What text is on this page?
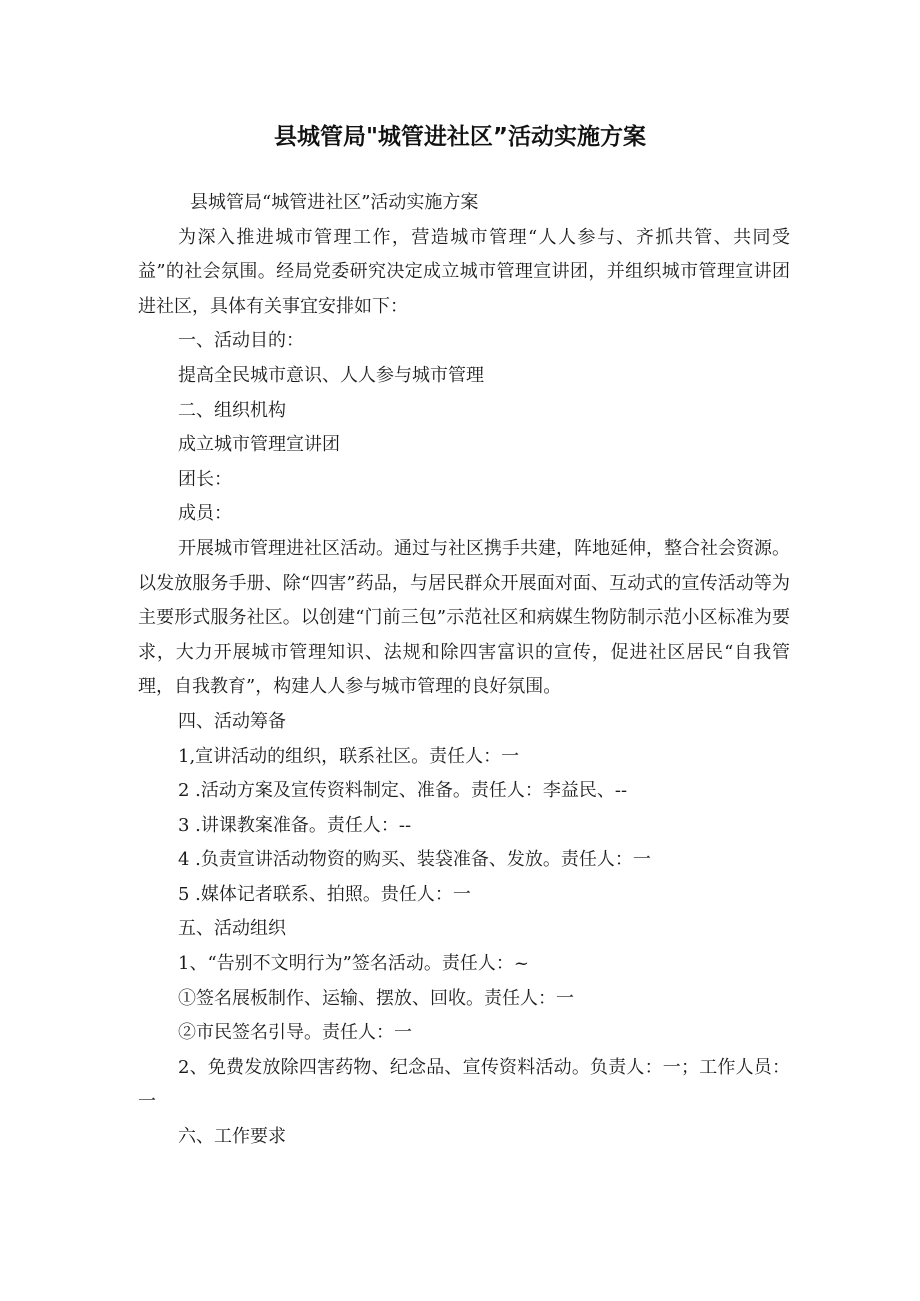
县城管局"城管进社区”活动实施方案

县城管局“城管进社区”活动实施方案

为深入推进城市管理工作，营造城市管理“人人参与、齐抓共管、共同受益”的社会氛围。经局党委研究决定成立城市管理宣讲团，并组织城市管理宣讲团进社区，具体有关事宜安排如下：

一、活动目的：

提高全民城市意识、人人参与城市管理

二、组织机构

成立城市管理宣讲团

团长：

成员：

开展城市管理进社区活动。通过与社区携手共建，阵地延伸，整合社会资源。以发放服务手册、除“四害”药品，与居民群众开展面对面、互动式的宣传活动等为主要形式服务社区。以创建“门前三包”示范社区和病媒生物防制示范小区标准为要求，大力开展城市管理知识、法规和除四害富识的宣传，促进社区居民“自我管理，自我教育”，构建人人参与城市管理的良好氛围。

四、活动筹备

1,宣讲活动的组织，联系社区。责任人：一

2 .活动方案及宣传资料制定、准备。责任人：李益民、--

3 .讲课教案准备。责任人：--

4 .负责宣讲活动物资的购买、装袋准备、发放。责任人：一

5 .媒体记者联系、拍照。贵任人：一

五、活动组织

1、“告别不文明行为”签名活动。责任人：~

①签名展板制作、运输、摆放、回收。责任人：一

②市民签名引导。责任人：一

2、免费发放除四害药物、纪念品、宣传资料活动。负责人：一；工作人员：一

六、工作要求
